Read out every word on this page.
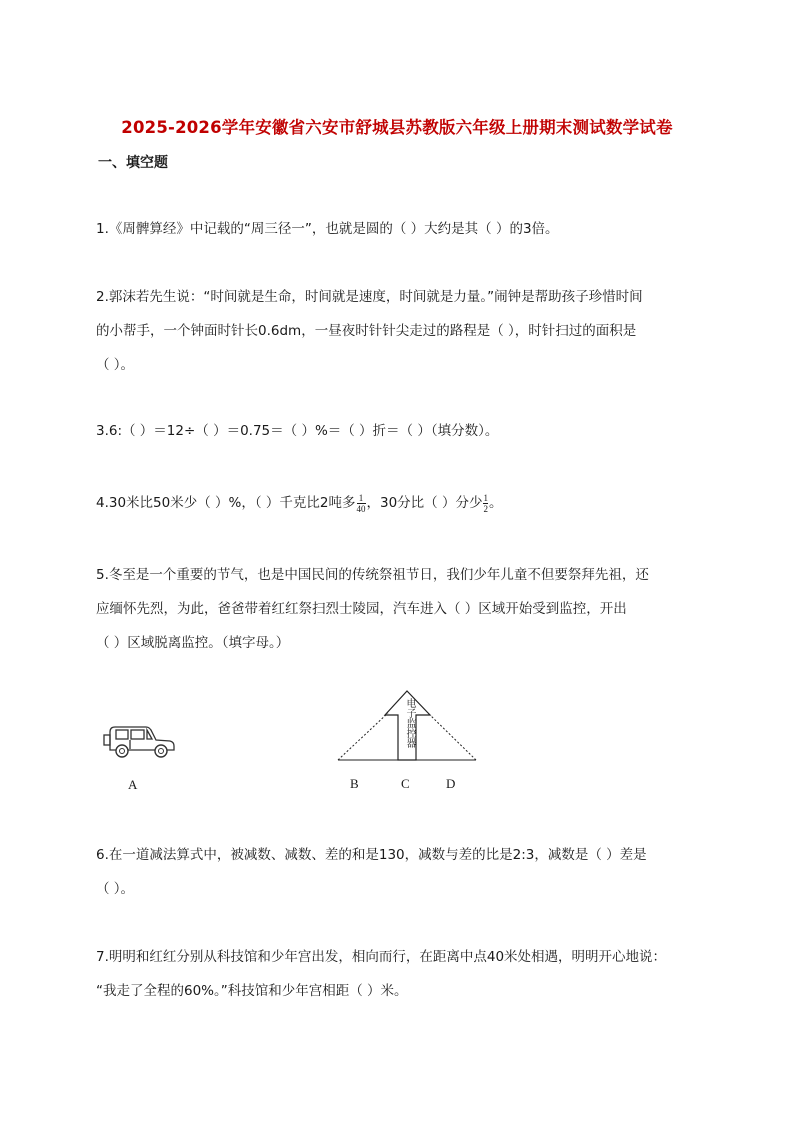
2025-2026学年安徽省六安市舒城县苏教版六年级上册期末测试数学试卷
一、填空题
1.《周髀算经》中记载的“周三径一”，也就是圆的（ ）大约是其（ ）的3倍。
2.郭沫若先生说：“时间就是生命，时间就是速度，时间就是力量。”闹钟是帮助孩子珍惜时间
的小帮手，一个钟面时针长0.6dm，一昼夜时针针尖走过的路程是（ ），时针扫过的面积是
（ ）。
3.6:（ ）＝12÷（ ）＝0.75＝（ ）%＝（ ）折＝（ ）（填分数）。
4.30米比50米少（ ）%，（ ）千克比2吨多 $\frac{1}{40}$ ，30分比（ ）分少 $\frac{1}{2}$ 。
5.冬至是一个重要的节气，也是中国民间的传统祭祖节日，我们少年儿童不但要祭拜先祖，还
应缅怀先烈，为此，爸爸带着红红祭扫烈士陵园，汽车进入（ ）区域开始受到监控，开出
（ ）区域脱离监控。（填字母。）
A
电子监控器
B	C	D
6.在一道减法算式中，被减数、减数、差的和是130，减数与差的比是2:3，减数是（ ）差是
（ ）。
7.明明和红红分别从科技馆和少年宫出发，相向而行，在距离中点40米处相遇，明明开心地说：
“我走了全程的60%。”科技馆和少年宫相距（ ）米。
